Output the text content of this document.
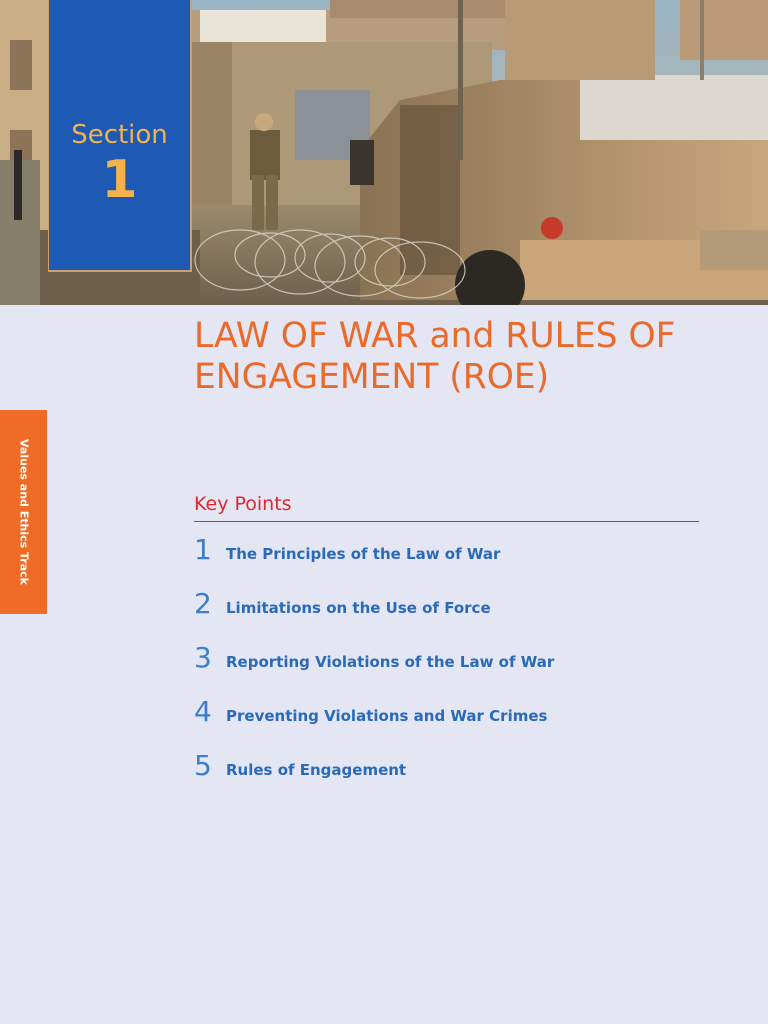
Section
1
LAW OF WAR and RULES OF ENGAGEMENT (ROE)
Values and Ethics Track	Key Points
1 The Principles of the Law of War
2 Limitations on the Use of Force
3 Reporting Violations of the Law of War
4 Preventing Violations and War Crimes
5 Rules of Engagement
